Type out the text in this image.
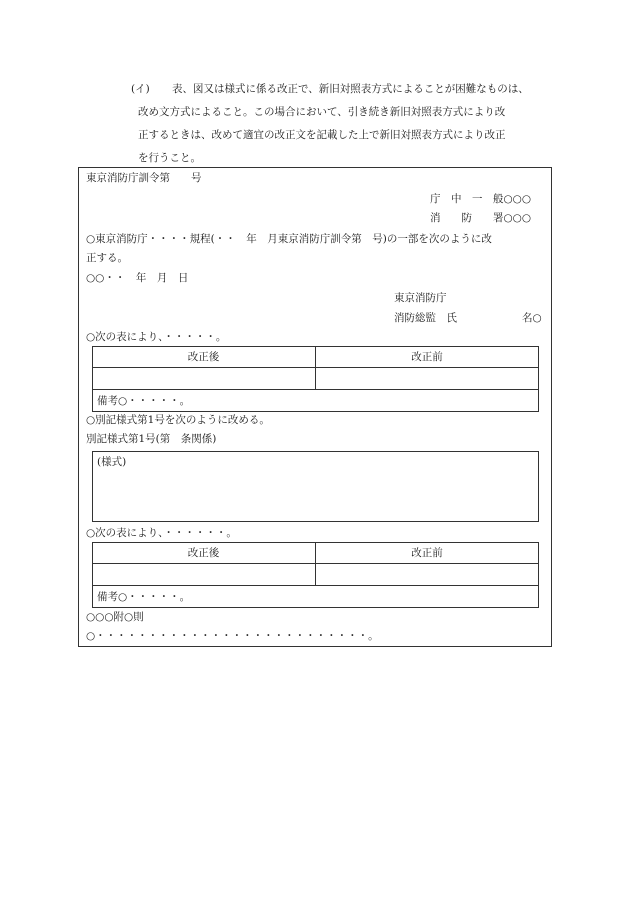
(イ) 表、図又は様式に係る改正で、新旧対照表方式によることが困難なものは、
改め文方式によること。この場合において、引き続き新旧対照表方式により改
正するときは、改めて適宜の改正文を記載した上で新旧対照表方式により改正
を行うこと。
東京消防庁訓令第　　号
庁　中　一　般○○○
消　　防　　署○○○
○東京消防庁・・・・規程(・・　年　月東京消防庁訓令第　号)の一部を次のように改
正する。
○○・・　年　月　日
東京消防庁
消防総監　氏	名○
○次の表により、・・・・・。
改正後	改正前
備考○・・・・・。
○別記様式第1号を次のように改める。
別記様式第1号(第　条関係)
(様式)
○次の表により、・・・・・・。
改正後	改正前
備考○・・・・・。
○○○附○則
○・・・・・・・・・・・・・・・・・・・・・・・・・・。
